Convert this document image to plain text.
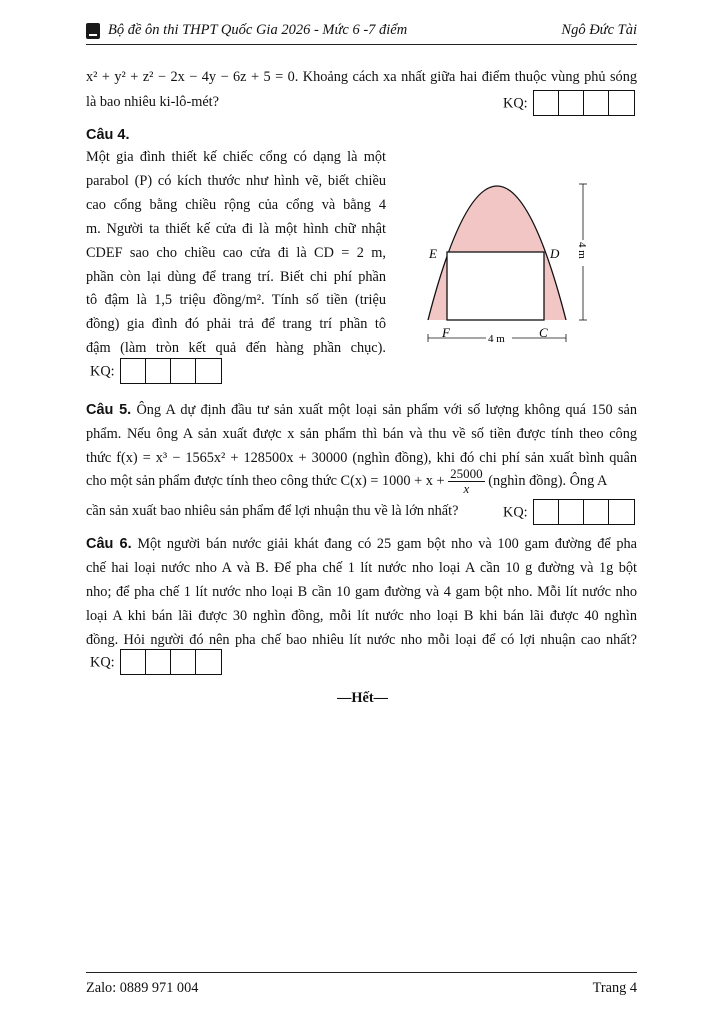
Bộ đề ôn thi THPT Quốc Gia 2026 - Mức 6 -7 điểm	Ngô Đức Tài
x² + y² + z² − 2x − 4y − 6z + 5 = 0. Khoảng cách xa nhất giữa hai điểm thuộc vùng phủ sóng
là bao nhiêu ki-lô-mét?	KQ:
Câu 4.
Một gia đình thiết kế chiếc cổng có dạng là một
parabol (P) có kích thước như hình vẽ, biết chiều
cao cổng bằng chiều rộng của cổng và bằng 4
m. Người ta thiết kế cửa đi là một hình chữ nhật
CDEF sao cho chiều cao cửa đi là CD = 2 m,
phần còn lại dùng để trang trí. Biết chi phí phần
tô đậm là 1,5 triệu đồng/m². Tính số tiền (triệu
đồng) gia đình đó phải trả để trang trí phần tô
đậm (làm tròn kết quả đến hàng phần chục).
KQ:
E	D
F	C
4 m
4 m
Câu 5. Ông A dự định đầu tư sản xuất một loại sản phẩm với số lượng không quá 150 sản
phẩm. Nếu ông A sản xuất được x sản phẩm thì bán và thu về số tiền được tính theo công
thức f(x) = x³ − 1565x² + 128500x + 30000 (nghìn đồng), khi đó chi phí sản xuất bình quân
cho một sản phẩm được tính theo công thức $C(x) = 1000 + x + \frac{25000}{x}$ (nghìn đồng). Ông A
cần sản xuất bao nhiêu sản phẩm để lợi nhuận thu về là lớn nhất?	KQ:
Câu 6. Một người bán nước giải khát đang có 25 gam bột nho và 100 gam đường để pha
chế hai loại nước nho A và B. Để pha chế 1 lít nước nho loại A cần 10 g đường và 1g bột
nho; để pha chế 1 lít nước nho loại B cần 10 gam đường và 4 gam bột nho. Mỗi lít nước nho
loại A khi bán lãi được 30 nghìn đồng, mỗi lít nước nho loại B khi bán lãi được 40 nghìn
đồng. Hỏi người đó nên pha chế bao nhiêu lít nước nho mỗi loại để có lợi nhuận cao nhất?
KQ:
—Hết—
Zalo: 0889 971 004	Trang 4
